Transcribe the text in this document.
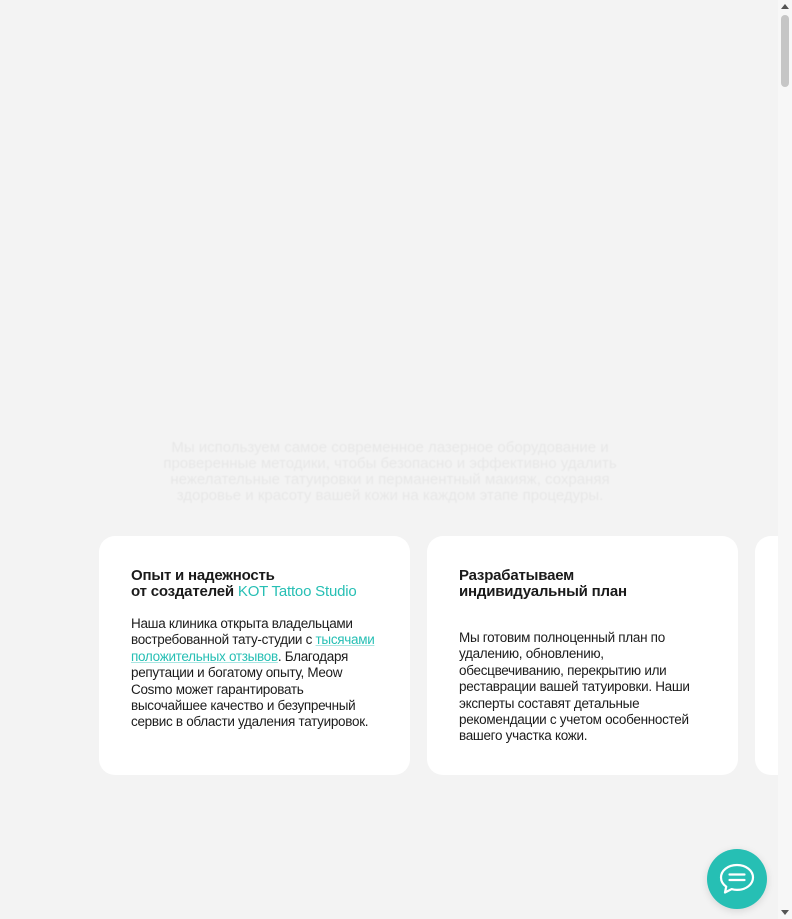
Мы используем самое современное лазерное оборудование и проверенные методики, чтобы безопасно и эффективно удалить нежелательные татуировки и перманентный макияж, сохраняя здоровье и красоту вашей кожи на каждом этапе процедуры.
Опыт и надежность
от создателей KOT Tattoo Studio

Наша клиника открыта владельцами востребованной тату-студии с тысячами положительных отзывов. Благодаря репутации и богатому опыту, Meow Cosmo может гарантировать высочайшее качество и безупречный сервис в области удаления татуировок.

Разрабатываем
индивидуальный план

Мы готовим полноценный план по удалению, обновлению, обесцвечиванию, перекрытию или реставрации вашей татуировки. Наши эксперты составят детальные рекомендации с учетом особенностей вашего участка кожи.
